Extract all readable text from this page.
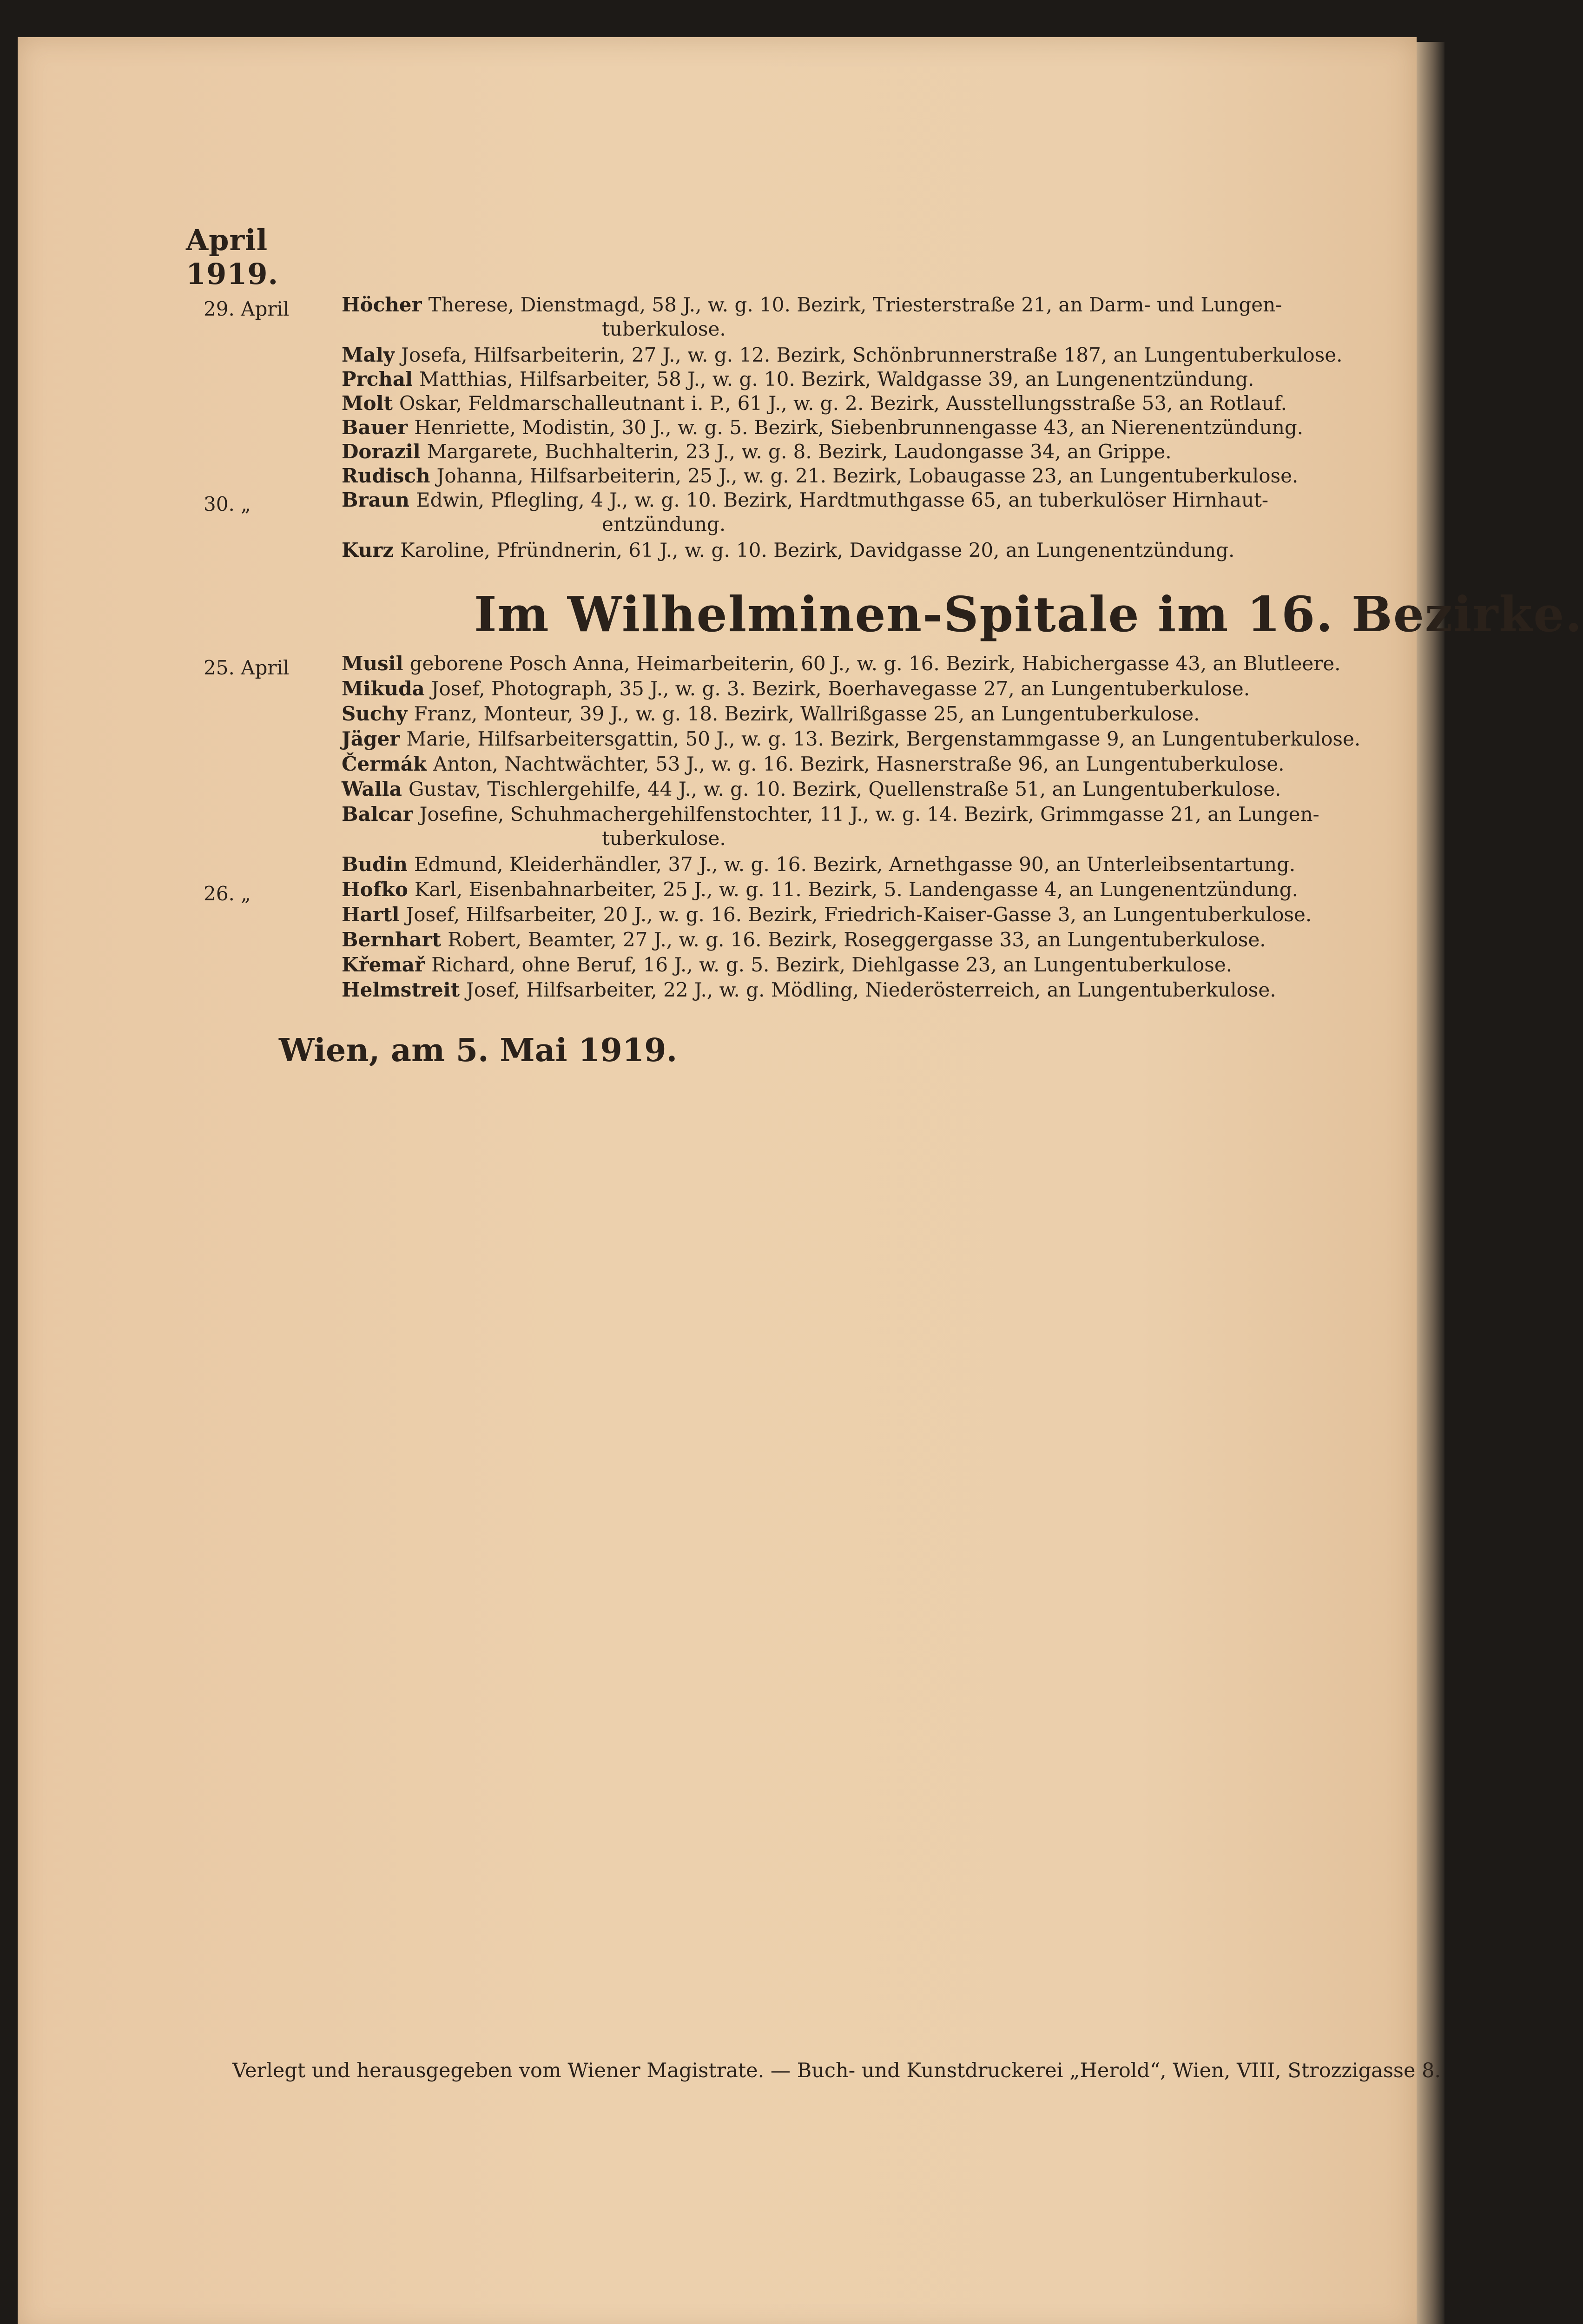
April 1919.
29. April	Höcher Therese, Dienstmagd, 58 J., w. g. 10. Bezirk, Triesterstraße 21, an Darm- und Lungen-
tuberkulose.
Maly Josefa, Hilfsarbeiterin, 27 J., w. g. 12. Bezirk, Schönbrunnerstraße 187, an Lungentuberkulose.
Prchal Matthias, Hilfsarbeiter, 58 J., w. g. 10. Bezirk, Waldgasse 39, an Lungenentzündung.
Molt Oskar, Feldmarschalleutnant i. P., 61 J., w. g. 2. Bezirk, Ausstellungsstraße 53, an Rotlauf.
Bauer Henriette, Modistin, 30 J., w. g. 5. Bezirk, Siebenbrunnengasse 43, an Nierenentzündung.
Dorazil Margarete, Buchhalterin, 23 J., w. g. 8. Bezirk, Laudongasse 34, an Grippe.
Rudisch Johanna, Hilfsarbeiterin, 25 J., w. g. 21. Bezirk, Lobaugasse 23, an Lungentuberkulose.
30. „	Braun Edwin, Pflegling, 4 J., w. g. 10. Bezirk, Hardtmuthgasse 65, an tuberkulöser Hirnhaut-
entzündung.
Kurz Karoline, Pfründnerin, 61 J., w. g. 10. Bezirk, Davidgasse 20, an Lungenentzündung.
Im Wilhelminen-Spitale im 16. Bezirke.
25. April	Musil geborene Posch Anna, Heimarbeiterin, 60 J., w. g. 16. Bezirk, Habichergasse 43, an Blutleere.
Mikuda Josef, Photograph, 35 J., w. g. 3. Bezirk, Boerhavegasse 27, an Lungentuberkulose.
Suchy Franz, Monteur, 39 J., w. g. 18. Bezirk, Wallrißgasse 25, an Lungentuberkulose.
Jäger Marie, Hilfsarbeitersgattin, 50 J., w. g. 13. Bezirk, Bergenstammgasse 9, an Lungentuberkulose.
Čermák Anton, Nachtwächter, 53 J., w. g. 16. Bezirk, Hasnerstraße 96, an Lungentuberkulose.
Walla Gustav, Tischlergehilfe, 44 J., w. g. 10. Bezirk, Quellenstraße 51, an Lungentuberkulose.
Balcar Josefine, Schuhmachergehilfenstochter, 11 J., w. g. 14. Bezirk, Grimmgasse 21, an Lungen-
tuberkulose.
Budin Edmund, Kleiderhändler, 37 J., w. g. 16. Bezirk, Arnethgasse 90, an Unterleibsentartung.
26. „	Hofko Karl, Eisenbahnarbeiter, 25 J., w. g. 11. Bezirk, 5. Landengasse 4, an Lungenentzündung.
Hartl Josef, Hilfsarbeiter, 20 J., w. g. 16. Bezirk, Friedrich-Kaiser-Gasse 3, an Lungentuberkulose.
Bernhart Robert, Beamter, 27 J., w. g. 16. Bezirk, Roseggergasse 33, an Lungentuberkulose.
Křemař Richard, ohne Beruf, 16 J., w. g. 5. Bezirk, Diehlgasse 23, an Lungentuberkulose.
Helmstreit Josef, Hilfsarbeiter, 22 J., w. g. Mödling, Niederösterreich, an Lungentuberkulose.
Wien, am 5. Mai 1919.
Verlegt und herausgegeben vom Wiener Magistrate. — Buch- und Kunstdruckerei „Herold“, Wien, VIII, Strozzigasse 8.
